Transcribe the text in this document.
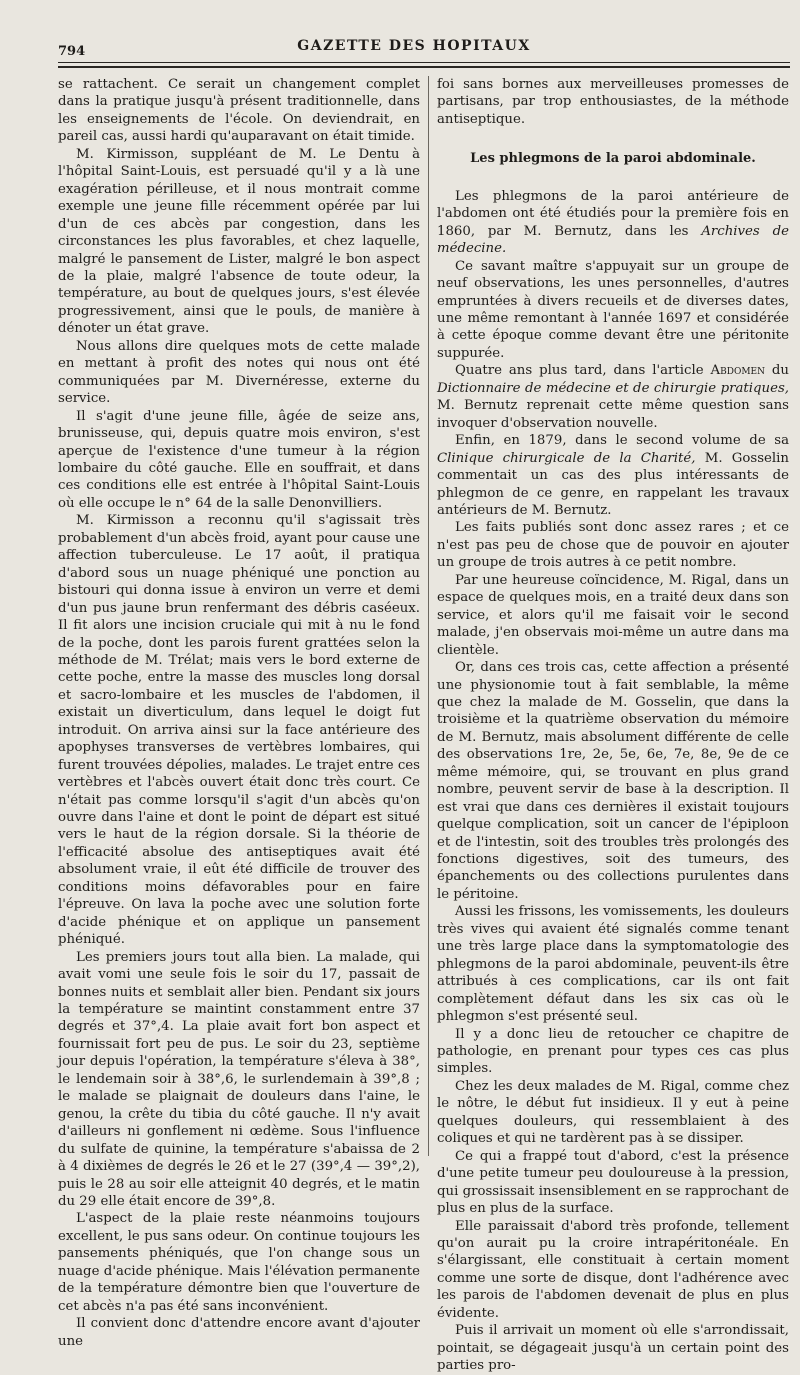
794	GAZETTE DES HOPITAUX

se rattachent. Ce serait un changement complet dans la pratique jusqu'à présent traditionnelle, dans les enseignements de l'école. On deviendrait, en pareil cas, aussi hardi qu'auparavant on était timide.

M. Kirmisson, suppléant de M. Le Dentu à l'hôpital Saint-Louis, est persuadé qu'il y a là une exagération périlleuse, et il nous montrait comme exemple une jeune fille récemment opérée par lui d'un de ces abcès par congestion, dans les circonstances les plus favorables, et chez laquelle, malgré le pansement de Lister, malgré le bon aspect de la plaie, malgré l'absence de toute odeur, la température, au bout de quelques jours, s'est élevée progressivement, ainsi que le pouls, de manière à dénoter un état grave.

Nous allons dire quelques mots de cette malade en mettant à profit des notes qui nous ont été communiquées par M. Divernéresse, externe du service.

Il s'agit d'une jeune fille, âgée de seize ans, brunisseuse, qui, depuis quatre mois environ, s'est aperçue de l'existence d'une tumeur à la région lombaire du côté gauche. Elle en souffrait, et dans ces conditions elle est entrée à l'hôpital Saint-Louis où elle occupe le n° 64 de la salle Denonvilliers.

M. Kirmisson a reconnu qu'il s'agissait très probablement d'un abcès froid, ayant pour cause une affection tuberculeuse. Le 17 août, il pratiqua d'abord sous un nuage phéniqué une ponction au bistouri qui donna issue à environ un verre et demi d'un pus jaune brun renfermant des débris caséeux. Il fit alors une incision cruciale qui mit à nu le fond de la poche, dont les parois furent grattées selon la méthode de M. Trélat; mais vers le bord externe de cette poche, entre la masse des muscles long dorsal et sacro-lombaire et les muscles de l'abdomen, il existait un diverticulum, dans lequel le doigt fut introduit. On arriva ainsi sur la face antérieure des apophyses transverses de vertèbres lombaires, qui furent trouvées dépolies, malades. Le trajet entre ces vertèbres et l'abcès ouvert était donc très court. Ce n'était pas comme lorsqu'il s'agit d'un abcès qu'on ouvre dans l'aine et dont le point de départ est situé vers le haut de la région dorsale. Si la théorie de l'efficacité absolue des antiseptiques avait été absolument vraie, il eût été difficile de trouver des conditions moins défavorables pour en faire l'épreuve. On lava la poche avec une solution forte d'acide phénique et on applique un pansement phéniqué.

Les premiers jours tout alla bien. La malade, qui avait vomi une seule fois le soir du 17, passait de bonnes nuits et semblait aller bien. Pendant six jours la température se maintint constamment entre 37 degrés et 37°,4. La plaie avait fort bon aspect et fournissait fort peu de pus. Le soir du 23, septième jour depuis l'opération, la température s'éleva à 38°, le lendemain soir à 38°,6, le surlendemain à 39°,8 ; le malade se plaignait de douleurs dans l'aine, le genou, la crête du tibia du côté gauche. Il n'y avait d'ailleurs ni gonflement ni œdème. Sous l'influence du sulfate de quinine, la température s'abaissa de 2 à 4 dixièmes de degrés le 26 et le 27 (39°,4 — 39°,2), puis le 28 au soir elle atteignit 40 degrés, et le matin du 29 elle était encore de 39°,8.

L'aspect de la plaie reste néanmoins toujours excellent, le pus sans odeur. On continue toujours les pansements phéniqués, que l'on change sous un nuage d'acide phénique. Mais l'élévation permanente de la température démontre bien que l'ouverture de cet abcès n'a pas été sans inconvénient.

Il convient donc d'attendre encore avant d'ajouter une

foi sans bornes aux merveilleuses promesses de partisans, par trop enthousiastes, de la méthode antiseptique.

Les phlegmons de la paroi abdominale.

Les phlegmons de la paroi antérieure de l'abdomen ont été étudiés pour la première fois en 1860, par M. Bernutz, dans les Archives de médecine.

Ce savant maître s'appuyait sur un groupe de neuf observations, les unes personnelles, d'autres empruntées à divers recueils et de diverses dates, une même remontant à l'année 1697 et considérée à cette époque comme devant être une péritonite suppurée.

Quatre ans plus tard, dans l'article Abdomen du Dictionnaire de médecine et de chirurgie pratiques, M. Bernutz reprenait cette même question sans invoquer d'observation nouvelle.

Enfin, en 1879, dans le second volume de sa Clinique chirurgicale de la Charité, M. Gosselin commentait un cas des plus intéressants de phlegmon de ce genre, en rappelant les travaux antérieurs de M. Bernutz.

Les faits publiés sont donc assez rares ; et ce n'est pas peu de chose que de pouvoir en ajouter un groupe de trois autres à ce petit nombre.

Par une heureuse coïncidence, M. Rigal, dans un espace de quelques mois, en a traité deux dans son service, et alors qu'il me faisait voir le second malade, j'en observais moi-même un autre dans ma clientèle.

Or, dans ces trois cas, cette affection a présenté une physionomie tout à fait semblable, la même que chez la malade de M. Gosselin, que dans la troisième et la quatrième observation du mémoire de M. Bernutz, mais absolument différente de celle des observations 1re, 2e, 5e, 6e, 7e, 8e, 9e de ce même mémoire, qui, se trouvant en plus grand nombre, peuvent servir de base à la description. Il est vrai que dans ces dernières il existait toujours quelque complication, soit un cancer de l'épiploon et de l'intestin, soit des troubles très prolongés des fonctions digestives, soit des tumeurs, des épanchements ou des collections purulentes dans le péritoine.

Aussi les frissons, les vomissements, les douleurs très vives qui avaient été signalés comme tenant une très large place dans la symptomatologie des phlegmons de la paroi abdominale, peuvent-ils être attribués à ces complications, car ils ont fait complètement défaut dans les six cas où le phlegmon s'est présenté seul.

Il y a donc lieu de retoucher ce chapitre de pathologie, en prenant pour types ces cas plus simples.

Chez les deux malades de M. Rigal, comme chez le nôtre, le début fut insidieux. Il y eut à peine quelques douleurs, qui ressemblaient à des coliques et qui ne tardèrent pas à se dissiper.

Ce qui a frappé tout d'abord, c'est la présence d'une petite tumeur peu douloureuse à la pression, qui grossissait insensiblement en se rapprochant de plus en plus de la surface.

Elle paraissait d'abord très profonde, tellement qu'on aurait pu la croire intrapéritonéale. En s'élargissant, elle constituait à certain moment comme une sorte de disque, dont l'adhérence avec les parois de l'abdomen devenait de plus en plus évidente.

Puis il arrivait un moment où elle s'arrondissait, pointait, se dégageait jusqu'à un certain point des parties pro-
